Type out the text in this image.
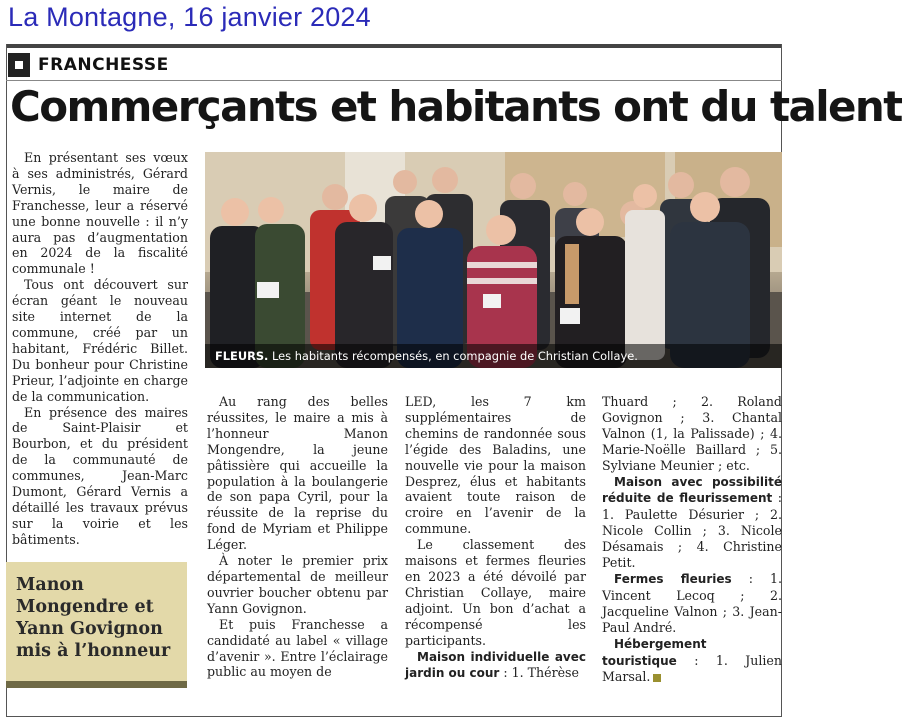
La Montagne, 16 janvier 2024
FRANCHESSE
Commerçants et habitants ont du talent

En présentant ses vœux à ses administrés, Gérard Vernis, le maire de Franchesse, leur a réservé une bonne nouvelle : il n’y aura pas d’augmentation en 2024 de la fiscalité communale !

Tous ont découvert sur écran géant le nouveau site internet de la commune, créé par un habitant, Frédéric Billet. Du bonheur pour Christine Prieur, l’adjointe en charge de la communication.

En présence des maires de Saint-Plaisir et Bourbon, et du président de la communauté de communes, Jean-Marc Dumont, Gérard Vernis a détaillé les travaux prévus sur la voirie et les bâtiments.

FLEURS. Les habitants récompensés, en compagnie de Christian Collaye.
Manon
Mongendre et
Yann Govignon
mis à l’honneur

Au rang des belles réussites, le maire a mis à l’honneur Manon Mongendre, la jeune pâtissière qui accueille la population à la boulangerie de son papa Cyril, pour la réussite de la reprise du fond de Myriam et Philippe Léger.

À noter le premier prix départemental de meilleur ouvrier boucher obtenu par Yann Govignon.

Et puis Franchesse a candidaté au label « village d’avenir ». Entre l’éclairage public au moyen de

LED, les 7 km supplémentaires de chemins de randonnée sous l’égide des Baladins, une nouvelle vie pour la maison Desprez, élus et habitants avaient toute raison de croire en l’avenir de la commune.

Le classement des maisons et fermes fleuries en 2023 a été dévoilé par Christian Collaye, maire adjoint. Un bon d’achat a récompensé les participants.

Maison individuelle avec jardin ou cour : 1. Thérèse

Thuard ; 2. Roland Govignon ; 3. Chantal Valnon (1, la Palissade) ; 4. Marie-Noëlle Baillard ; 5. Sylviane Meunier ; etc.

Maison avec possibilité réduite de fleurissement : 1. Paulette Désurier ; 2. Nicole Collin ; 3. Nicole Désamais ; 4. Christine Petit.

Fermes fleuries : 1. Vincent Lecoq ; 2. Jacqueline Valnon ; 3. Jean-Paul André.

Hébergement touristique : 1. Julien Marsal.
